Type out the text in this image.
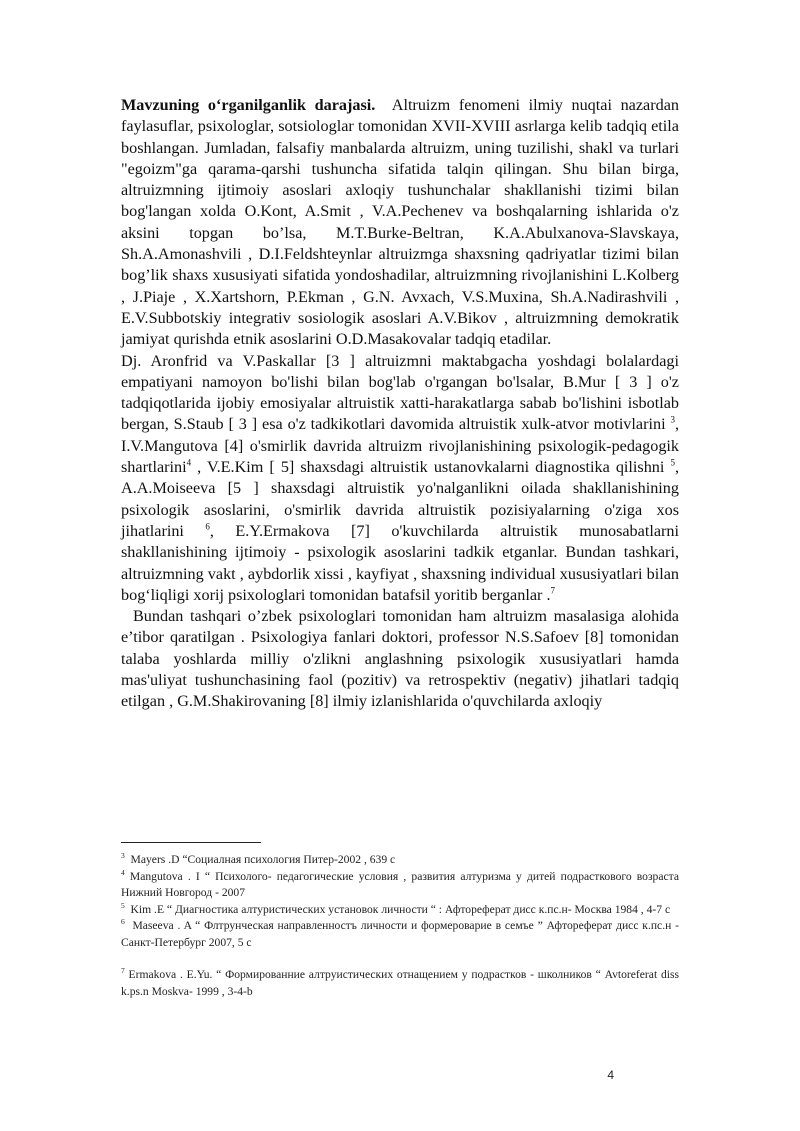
Mavzuning o‘rganilganlik darajasi. Altruizm fenomeni ilmiy nuqtai nazardan faylasuflar, psixologlar, sotsiologlar tomonidan XVII-XVIII asrlarga kelib tadqiq etila boshlangan. Jumladan, falsafiy manbalarda altruizm, uning tuzilishi, shakl va turlari "egoizm"ga qarama-qarshi tushuncha sifatida talqin qilingan. Shu bilan birga, altruizmning ijtimoiy asoslari axloqiy tushunchalar shakllanishi tizimi bilan bog'langan xolda O.Kont, A.Smit , V.A.Pechenev va boshqalarning ishlarida o'z aksini topgan bo’lsa, M.T.Burke-Beltran, K.A.Abulxanova-Slavskaya, Sh.A.Amonashvili , D.I.Feldshteynlar altruizmga shaxsning qadriyatlar tizimi bilan bog’lik shaxs xususiyati sifatida yondoshadilar, altruizmning rivojlanishini L.Kolberg , J.Piaje , X.Xartshorn, P.Ekman , G.N. Avxach, V.S.Muxina, Sh.A.Nadirashvili , E.V.Subbotskiy integrativ sosiologik asoslari A.V.Bikov , altruizmning demokratik jamiyat qurishda etnik asoslarini O.D.Masakovalar tadqiq etadilar.

Dj. Aronfrid va V.Paskallar [3 ] altruizmni maktabgacha yoshdagi bolalardagi empatiyani namoyon bo'lishi bilan bog'lab o'rgangan bo'lsalar, B.Mur [ 3 ] o'z tadqiqotlarida ijobiy emosiyalar altruistik xatti-harakatlarga sabab bo'lishini isbotlab bergan, S.Staub [ 3 ] esa o'z tadkikotlari davomida altruistik xulk-atvor motivlarini $^3$, I.V.Mangutova [4] o'smirlik davrida altruizm rivojlanishining psixologik-pedagogik shartlarini$^4$ , V.E.Kim [ 5] shaxsdagi altruistik ustanovkalarni diagnostika qilishni $^5$, A.A.Moiseeva [5 ] shaxsdagi altruistik yo'nalganlikni oilada shakllanishining psixologik asoslarini, o'smirlik davrida altruistik pozisiyalarning o'ziga xos jihatlarini $^6$, E.Y.Ermakova [7] o'kuvchilarda altruistik munosabatlarni shakllanishining ijtimoiy - psixologik asoslarini tadkik etganlar. Bundan tashkari, altruizmning vakt , aybdorlik xissi , kayfiyat , shaxsning individual xususiyatlari bilan bog‘liqligi xorij psixologlari tomonidan batafsil yoritib berganlar .$^7$

Bundan tashqari o’zbek psixologlari tomonidan ham altruizm masalasiga alohida e’tibor qaratilgan . Psixologiya fanlari doktori, professor N.S.Safoev [8] tomonidan talaba yoshlarda milliy o'zlikni anglashning psixologik xususiyatlari hamda mas'uliyat tushunchasining faol (pozitiv) va retrospektiv (negativ) jihatlari tadqiq etilgan , G.M.Shakirovaning [8] ilmiy izlanishlarida o'quvchilarda axloqiy

$^3$ Mayers .D “Социалная психология Питер-2002 , 639 с

$^4$ Mangutova . I “ Психолого- педагогические условия , развития алтуризма у дитей подрасткового возраста Нижний Новгород - 2007

$^5$ Kim .E “ Диагностика алтуристических установок личности “ : Афтореферат дисс к.пс.н- Москва 1984 , 4-7 с

$^6$ Maseeva . A “ Флтрунческая направленностъ личности и формероварие в семъе ” Афтореферат дисс к.пс.н - Санкт-Петербург 2007, 5 с

$^7$ Ermakova . E.Yu. “ Формированние алтруистических отнащением у подрастков - школников “ Avtoreferat diss k.ps.n Moskva- 1999 , 3-4-b

4
